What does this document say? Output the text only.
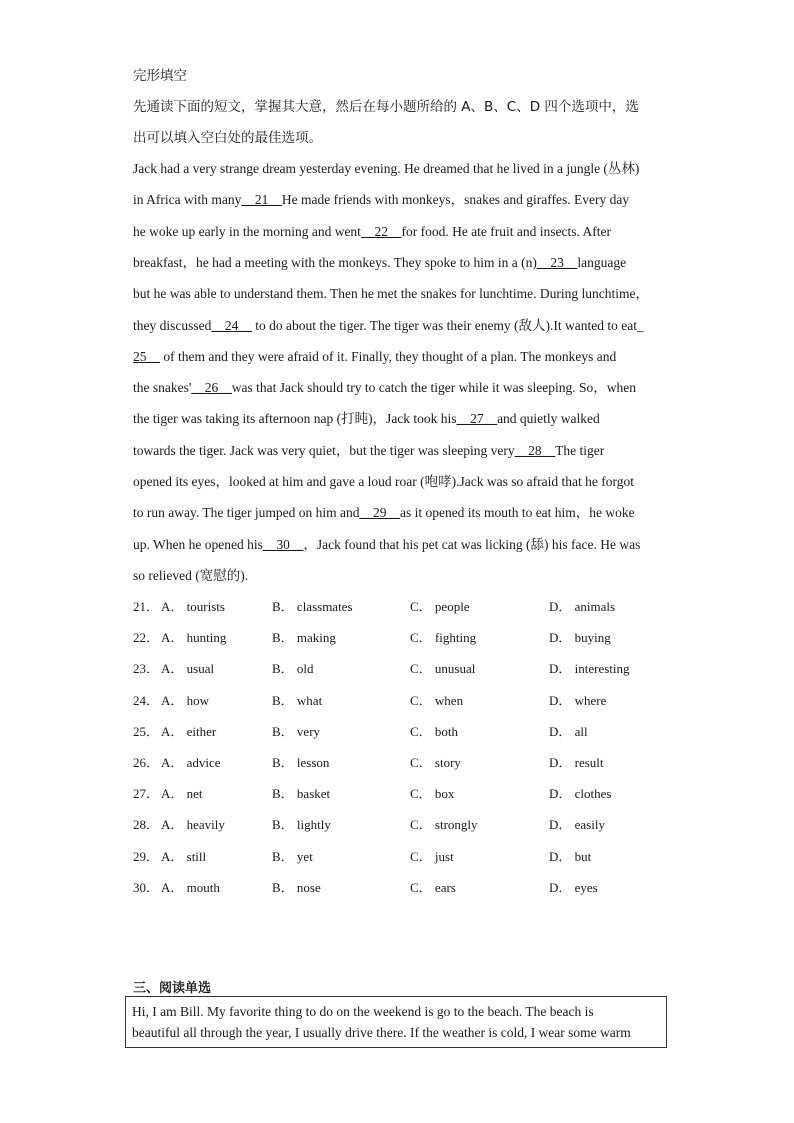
完形填空
先通读下面的短文，掌握其大意，然后在每小题所给的 A、B、C、D 四个选项中，选
出可以填入空白处的最佳选项。
Jack had a very strange dream yesterday evening. He dreamed that he lived in a jungle (丛林)
in Africa with many__21__He made friends with monkeys，snakes and giraffes. Every day
he woke up early in the morning and went__22__for food. He ate fruit and insects. After
breakfast，he had a meeting with the monkeys. They spoke to him in a (n)__23__language
but he was able to understand them. Then he met the snakes for lunchtime. During lunchtime，
they discussed__24__ to do about the tiger. The tiger was their enemy (敌人).It wanted to eat_
25__ of them and they were afraid of it. Finally, they thought of a plan. The monkeys and
the snakes'__26__was that Jack should try to catch the tiger while it was sleeping. So，when
the tiger was taking its afternoon nap (打盹)，Jack took his__27__and quietly walked
towards the tiger. Jack was very quiet，but the tiger was sleeping very__28__The tiger
opened its eyes，looked at him and gave a loud roar (咆哮).Jack was so afraid that he forgot
to run away. The tiger jumped on him and__29__as it opened its mouth to eat him，he woke
up. When he opened his__30__，Jack found that his pet cat was licking (舔) his face. He was
so relieved (宽慰的).
21． A． tourists	B． classmates	C． people	D． animals
22． A． hunting	B． making	C． fighting	D． buying
23． A． usual	B． old	C． unusual	D． interesting
24． A． how	B． what	C． when	D． where
25． A． either	B． very	C． both	D． all
26． A． advice	B． lesson	C． story	D． result
27． A． net	B． basket	C． box	D． clothes
28． A． heavily	B． lightly	C． strongly	D． easily
29． A． still	B． yet	C． just	D． but
30． A． mouth	B． nose	C． ears	D． eyes
三、阅读单选
Hi, I am Bill. My favorite thing to do on the weekend is go to the beach. The beach is
beautiful all through the year, I usually drive there. If the weather is cold, I wear some warm
